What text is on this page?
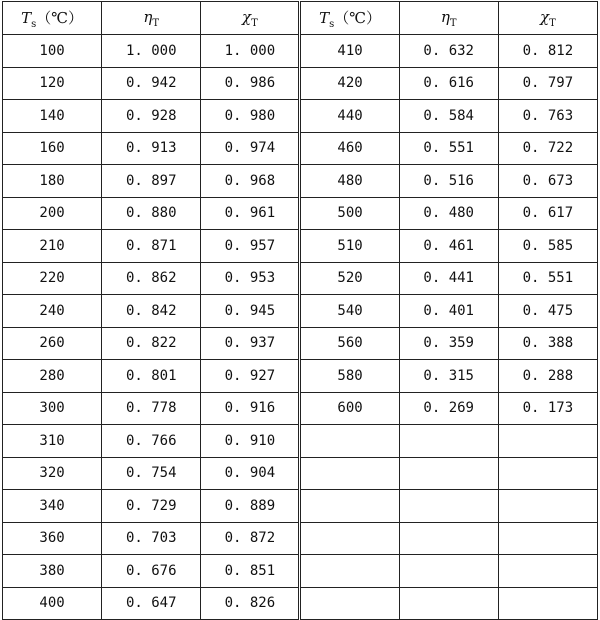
$T_s(℃)$	$\eta_T$	$\chi_T$	$T_s(℃)$	$\eta_T$	$\chi_T$
100	1. 000	1. 000	410	0. 632	0. 812
120	0. 942	0. 986	420	0. 616	0. 797
140	0. 928	0. 980	440	0. 584	0. 763
160	0. 913	0. 974	460	0. 551	0. 722
180	0. 897	0. 968	480	0. 516	0. 673
200	0. 880	0. 961	500	0. 480	0. 617
210	0. 871	0. 957	510	0. 461	0. 585
220	0. 862	0. 953	520	0. 441	0. 551
240	0. 842	0. 945	540	0. 401	0. 475
260	0. 822	0. 937	560	0. 359	0. 388
280	0. 801	0. 927	580	0. 315	0. 288
300	0. 778	0. 916	600	0. 269	0. 173
310	0. 766	0. 910			
320	0. 754	0. 904			
340	0. 729	0. 889			
360	0. 703	0. 872			
380	0. 676	0. 851			
400	0. 647	0. 826			
